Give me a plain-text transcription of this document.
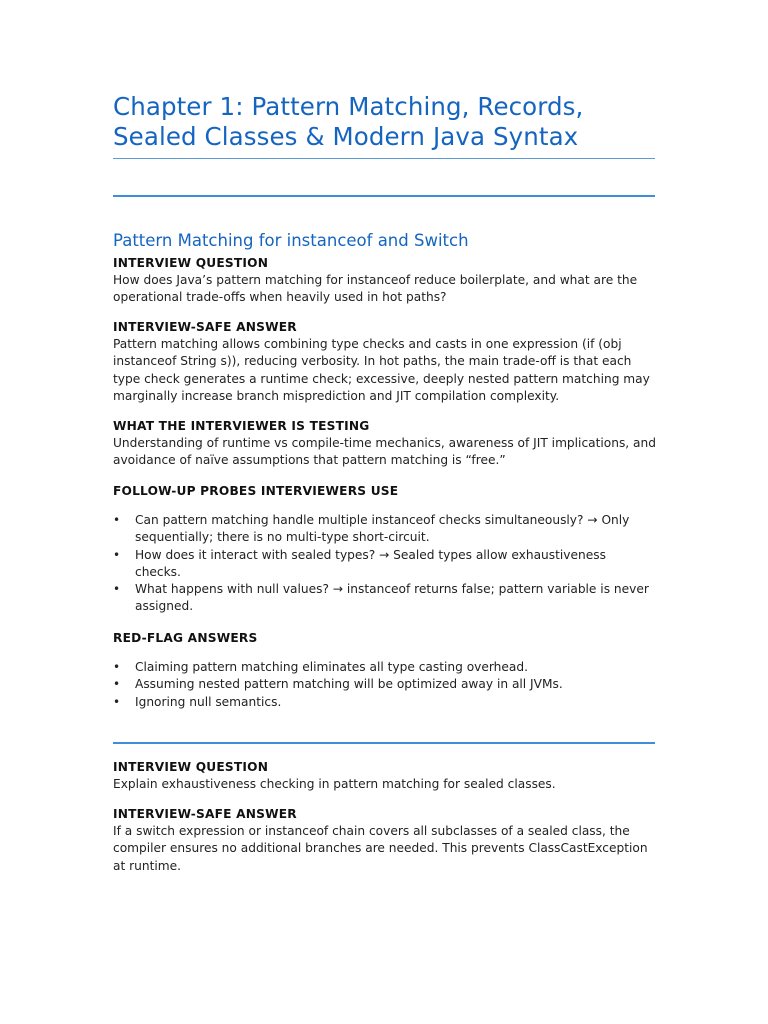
Chapter 1: Pattern Matching, Records, Sealed Classes & Modern Java Syntax
Pattern Matching for instanceof and Switch

INTERVIEW QUESTION

How does Java’s pattern matching for instanceof reduce boilerplate, and what are the operational trade-offs when heavily used in hot paths?

INTERVIEW-SAFE ANSWER

Pattern matching allows combining type checks and casts in one expression (if (obj instanceof String s)), reducing verbosity. In hot paths, the main trade-off is that each type check generates a runtime check; excessive, deeply nested pattern matching may marginally increase branch misprediction and JIT compilation complexity.

WHAT THE INTERVIEWER IS TESTING

Understanding of runtime vs compile-time mechanics, awareness of JIT implications, and avoidance of naïve assumptions that pattern matching is “free.”

FOLLOW-UP PROBES INTERVIEWERS USE

• Can pattern matching handle multiple instanceof checks simultaneously? → Only sequentially; there is no multi-type short-circuit.
• How does it interact with sealed types? → Sealed types allow exhaustiveness checks.
• What happens with null values? → instanceof returns false; pattern variable is never assigned.

RED-FLAG ANSWERS

• Claiming pattern matching eliminates all type casting overhead.
• Assuming nested pattern matching will be optimized away in all JVMs.
• Ignoring null semantics.

INTERVIEW QUESTION

Explain exhaustiveness checking in pattern matching for sealed classes.

INTERVIEW-SAFE ANSWER

If a switch expression or instanceof chain covers all subclasses of a sealed class, the compiler ensures no additional branches are needed. This prevents ClassCastException at runtime.
